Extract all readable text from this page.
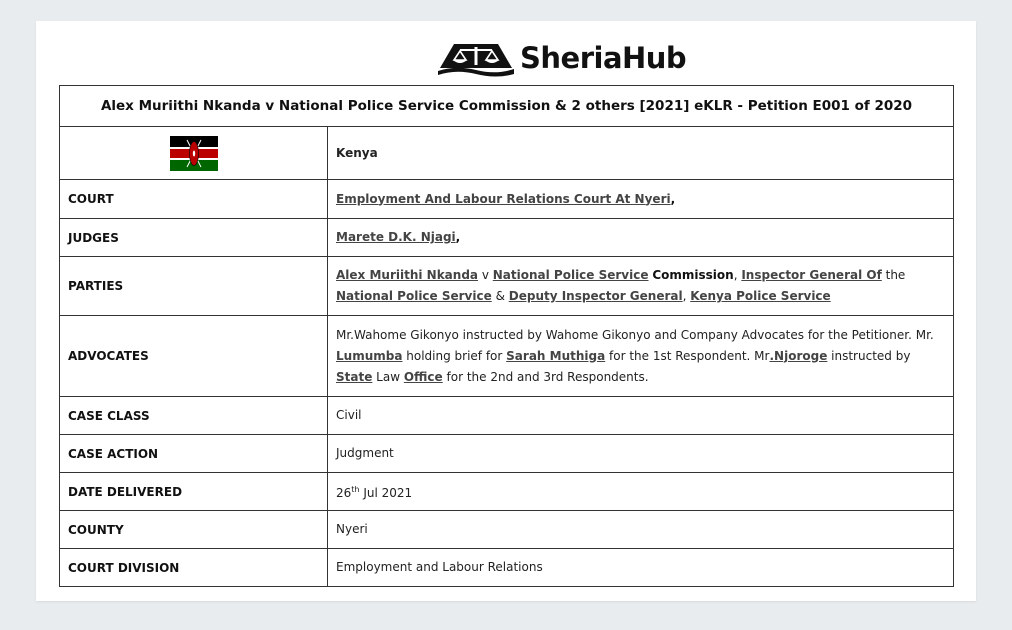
SheriaHub
Alex Muriithi Nkanda v National Police Service Commission & 2 others [2021] eKLR - Petition E001 of 2020	
	Kenya
COURT	Employment And Labour Relations Court At Nyeri,
JUDGES	Marete D.K. Njagi,
PARTIES	Alex Muriithi Nkanda v National Police Service Commission, Inspector General Of the National Police Service & Deputy Inspector General, Kenya Police Service
ADVOCATES	Mr.Wahome Gikonyo instructed by Wahome Gikonyo and Company Advocates for the Petitioner. Mr. Lumumba holding brief for Sarah Muthiga for the 1st Respondent. Mr.Njoroge instructed by State Law Office for the 2nd and 3rd Respondents.
CASE CLASS	Civil
CASE ACTION	Judgment
DATE DELIVERED	26th Jul 2021
COUNTY	Nyeri
COURT DIVISION	Employment and Labour Relations
